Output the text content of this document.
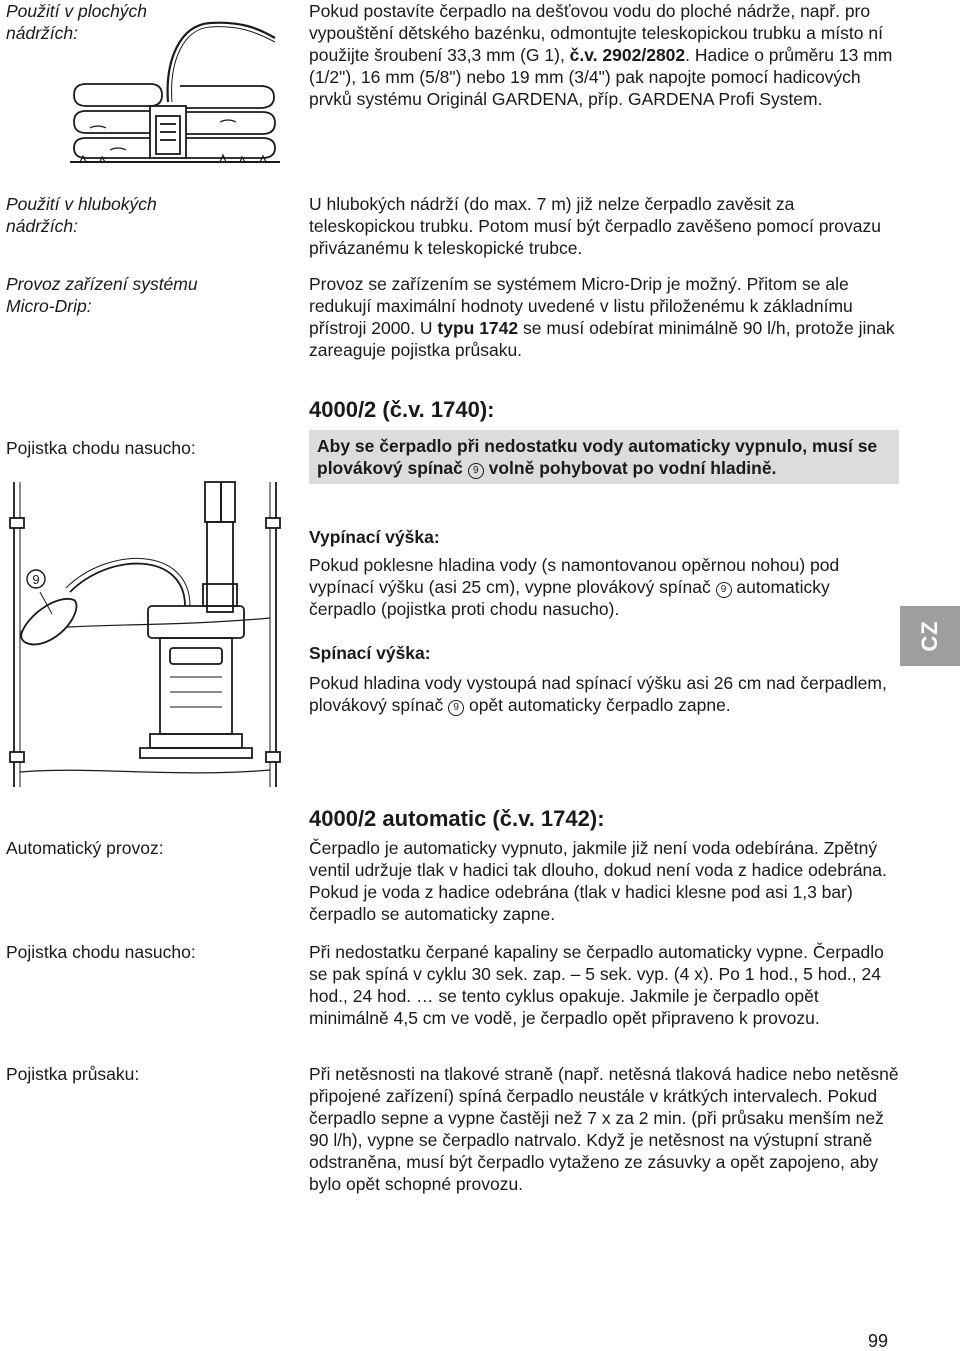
Použití v plochých nádržích:

Pokud postavíte čerpadlo na dešťovou vodu do ploché nádrže, např. pro vypouštění dětského bazénku, odmontujte teleskopickou trubku a místo ní použijte šroubení 33,3 mm (G 1), č.v. 2902/2802. Hadice o průměru 13 mm (1/2"), 16 mm (5/8") nebo 19 mm (3/4") pak napojte pomocí hadicových prvků systému Originál GARDENA, příp. GARDENA Profi System.

Použití v hlubokých nádržích:

U hlubokých nádrží (do max. 7 m) již nelze čerpadlo zavěsit za teleskopickou trubku. Potom musí být čerpadlo zavěšeno pomocí provazu přivázanému k teleskopické trubce.

Provoz zařízení systému Micro-Drip:

Provoz se zařízením se systémem Micro-Drip je možný. Přitom se ale redukují maximální hodnoty uvedené v listu přiloženému k základnímu přístroji 2000. U typu 1742 se musí odebírat minimálně 90 l/h, protože jinak zareaguje pojistka průsaku.

4000/2 (č.v. 1740):
Pojistka chodu nasucho:	Aby se čerpadlo při nedostatku vody automaticky vypnulo, musí se plovákový spínač 9 volně pohybovat po vodní hladině.
Vypínací výška:

Pokud poklesne hladina vody (s namontovanou opěrnou nohou) pod vypínací výšku (asi 25 cm), vypne plovákový spínač 9 automaticky čerpadlo (pojistka proti chodu nasucho).

Spínací výška:

Pokud hladina vody vystoupá nad spínací výšku asi 26 cm nad čerpadlem, plovákový spínač 9 opět automaticky čerpadlo zapne.

9
CZ
4000/2 automatic (č.v. 1742):
Automatický provoz:	Čerpadlo je automaticky vypnuto, jakmile již není voda odebírána. Zpětný ventil udržuje tlak v hadici tak dlouho, dokud není voda z hadice odebrána. Pokud je voda z hadice odebrána (tlak v hadici klesne pod asi 1,3 bar) čerpadlo se automaticky zapne.

Pojistka chodu nasucho:	Při nedostatku čerpané kapaliny se čerpadlo automaticky vypne. Čerpadlo se pak spíná v cyklu 30 sek. zap. – 5 sek. vyp. (4 x). Po 1 hod., 5 hod., 24 hod., 24 hod. … se tento cyklus opakuje. Jakmile je čerpadlo opět minimálně 4,5 cm ve vodě, je čerpadlo opět připraveno k provozu.

Pojistka průsaku:	Při netěsnosti na tlakové straně (např. netěsná tlaková hadice nebo netěsně připojené zařízení) spíná čerpadlo neustále v krátkých intervalech. Pokud čerpadlo sepne a vypne častěji než 7 x za 2 min. (při průsaku menším než 90 l/h), vypne se čerpadlo natrvalo. Když je netěsnost na výstupní straně odstraněna, musí být čerpadlo vytaženo ze zásuvky a opět zapojeno, aby bylo opět schopné provozu.

99
